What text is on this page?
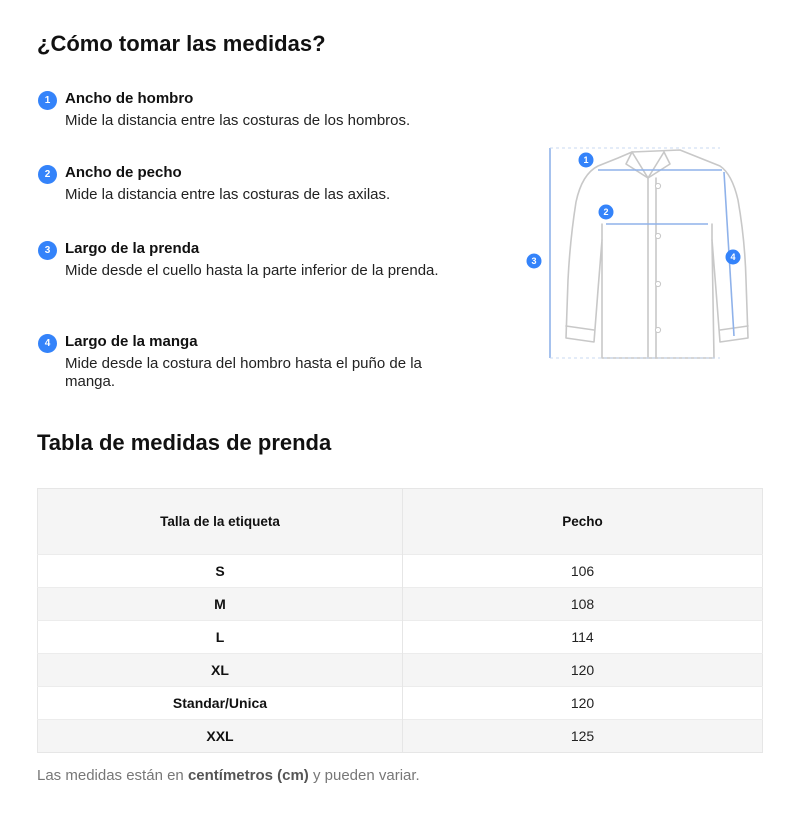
¿Cómo tomar las medidas?
1 Ancho de hombro
Mide la distancia entre las costuras de los hombros.
2 Ancho de pecho
Mide la distancia entre las costuras de las axilas.
3 Largo de la prenda
Mide desde el cuello hasta la parte inferior de la prenda.
4 Largo de la manga
Mide desde la costura del hombro hasta el puño de la manga.
1
2
3	4
Tabla de medidas de prenda
Talla de la etiqueta	Pecho
S	106
M	108
L	114
XL	120
Standar/Unica	120
XXL	125
Las medidas están en centímetros (cm) y pueden variar.
